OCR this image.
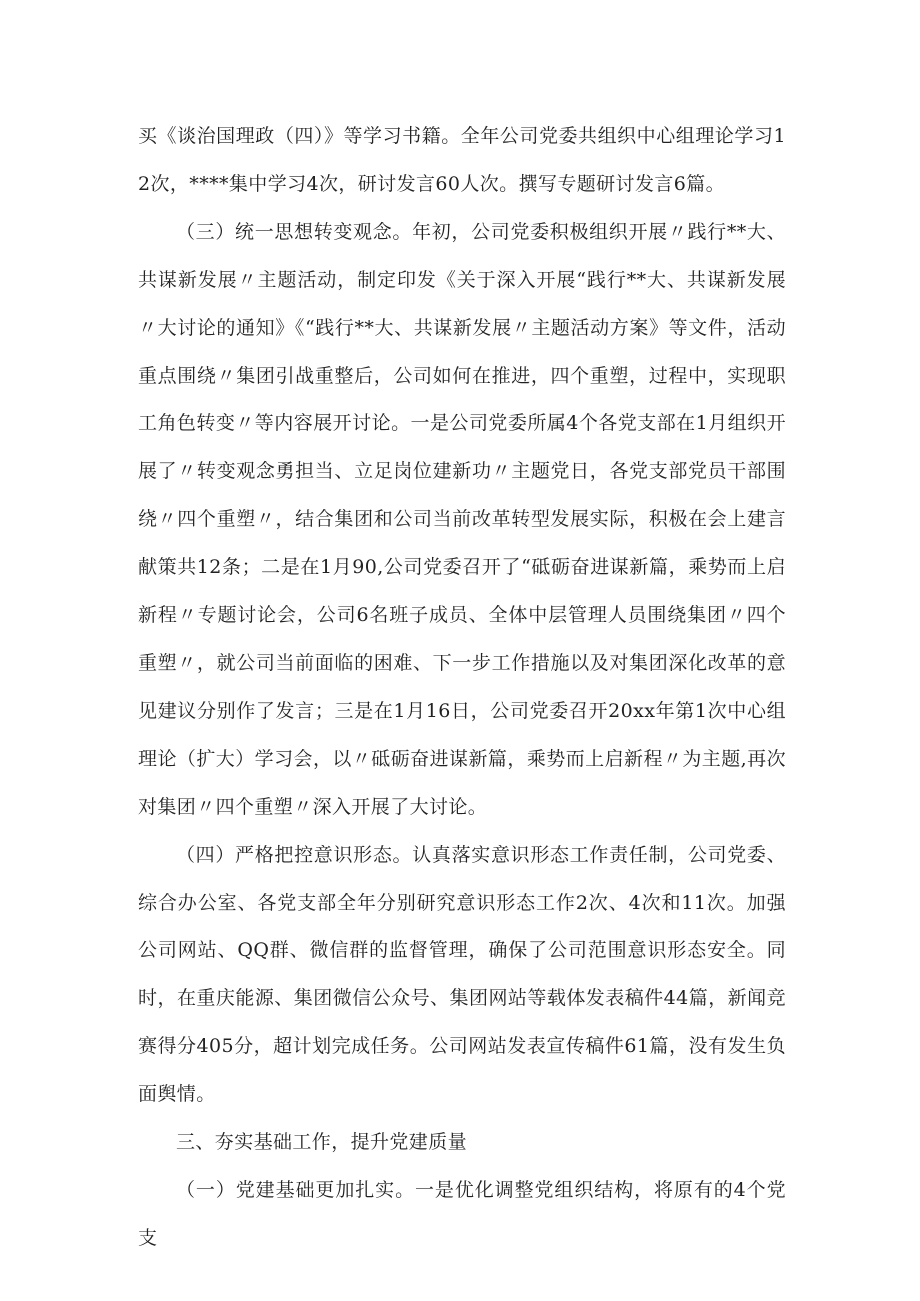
买《谈治国理政（四）》等学习书籍。全年公司党委共组织中心组理论学习12次，****集中学习4次，研讨发言60人次。撰写专题研讨发言6篇。

（三）统一思想转变观念。年初，公司党委积极组织开展〃践行**大、共谋新发展〃主题活动，制定印发《关于深入开展“践行**大、共谋新发展〃大讨论的通知》《“践行**大、共谋新发展〃主题活动方案》等文件，活动重点围绕〃集团引战重整后，公司如何在推进，四个重塑，过程中，实现职工角色转变〃等内容展开讨论。一是公司党委所属4个各党支部在1月组织开展了〃转变观念勇担当、立足岗位建新功〃主题党日，各党支部党员干部围绕〃四个重塑〃，结合集团和公司当前改革转型发展实际，积极在会上建言献策共12条；二是在1月90,公司党委召开了“砥砺奋进谋新篇，乘势而上启新程〃专题讨论会，公司6名班子成员、全体中层管理人员围绕集团〃四个重塑〃，就公司当前面临的困难、下一步工作措施以及对集团深化改革的意见建议分别作了发言；三是在1月16日，公司党委召开20xx年第1次中心组理论（扩大）学习会，以〃砥砺奋进谋新篇，乘势而上启新程〃为主题,再次对集团〃四个重塑〃深入开展了大讨论。

（四）严格把控意识形态。认真落实意识形态工作责任制，公司党委、综合办公室、各党支部全年分别研究意识形态工作2次、4次和11次。加强公司网站、QQ群、微信群的监督管理，确保了公司范围意识形态安全。同时，在重庆能源、集团微信公众号、集团网站等载体发表稿件44篇，新闻竞赛得分405分，超计划完成任务。公司网站发表宣传稿件61篇，没有发生负面舆情。

三、夯实基础工作，提升党建质量

（一）党建基础更加扎实。一是优化调整党组织结构，将原有的4个党支
